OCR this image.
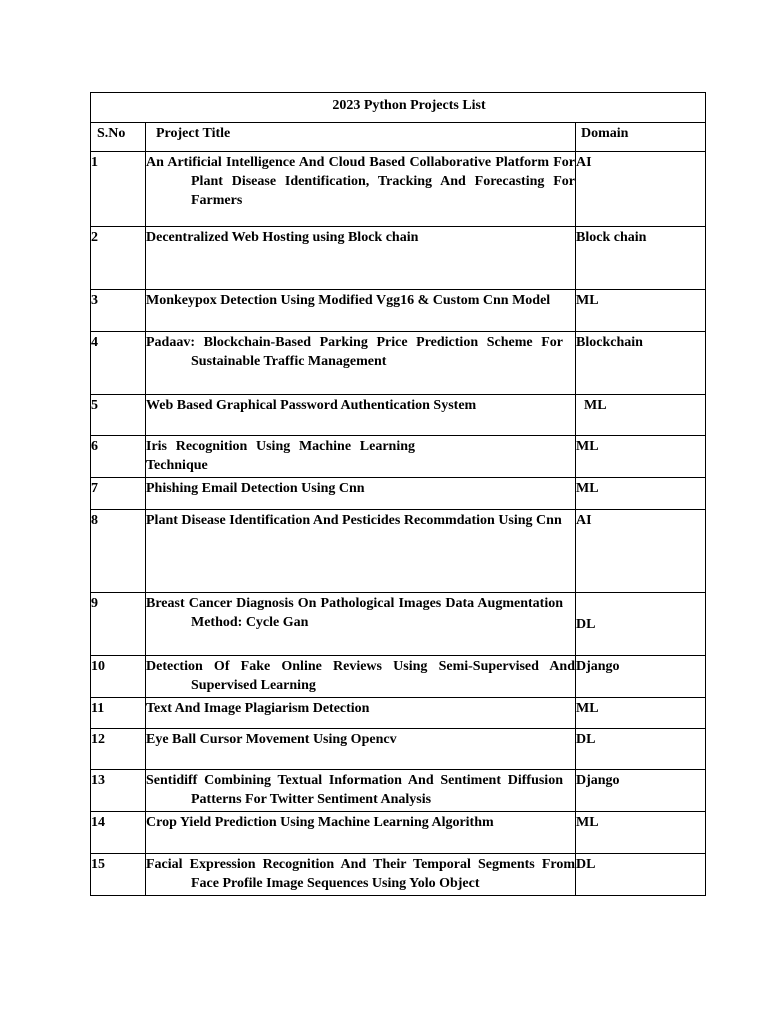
2023 Python Projects List		
S.No	Project Title	Domain
1	An Artificial Intelligence And Cloud Based Collaborative Platform For Plant Disease Identification, Tracking And Forecasting For Farmers	AI
2	Decentralized Web Hosting using Block chain	Block chain
3	Monkeypox Detection Using Modified Vgg16 & Custom Cnn Model	ML
4	Padaav: Blockchain-Based Parking Price Prediction Scheme For Sustainable Traffic Management	Blockchain
5	Web Based Graphical Password Authentication System	ML
6	Iris Recognition Using Machine Learning Technique	ML
7	Phishing Email Detection Using Cnn	ML
8	Plant Disease Identification And Pesticides Recommdation Using Cnn	AI
9	Breast Cancer Diagnosis On Pathological Images Data Augmentation Method: Cycle Gan	DL
10	Detection Of Fake Online Reviews Using Semi-Supervised And Supervised Learning	Django
11	Text And Image Plagiarism Detection	ML
12	Eye Ball Cursor Movement Using Opencv	DL
13	Sentidiff Combining Textual Information And Sentiment Diffusion Patterns For Twitter Sentiment Analysis	Django
14	Crop Yield Prediction Using Machine Learning Algorithm	ML
15	Facial Expression Recognition And Their Temporal Segments From Face Profile Image Sequences Using Yolo Object	DL
